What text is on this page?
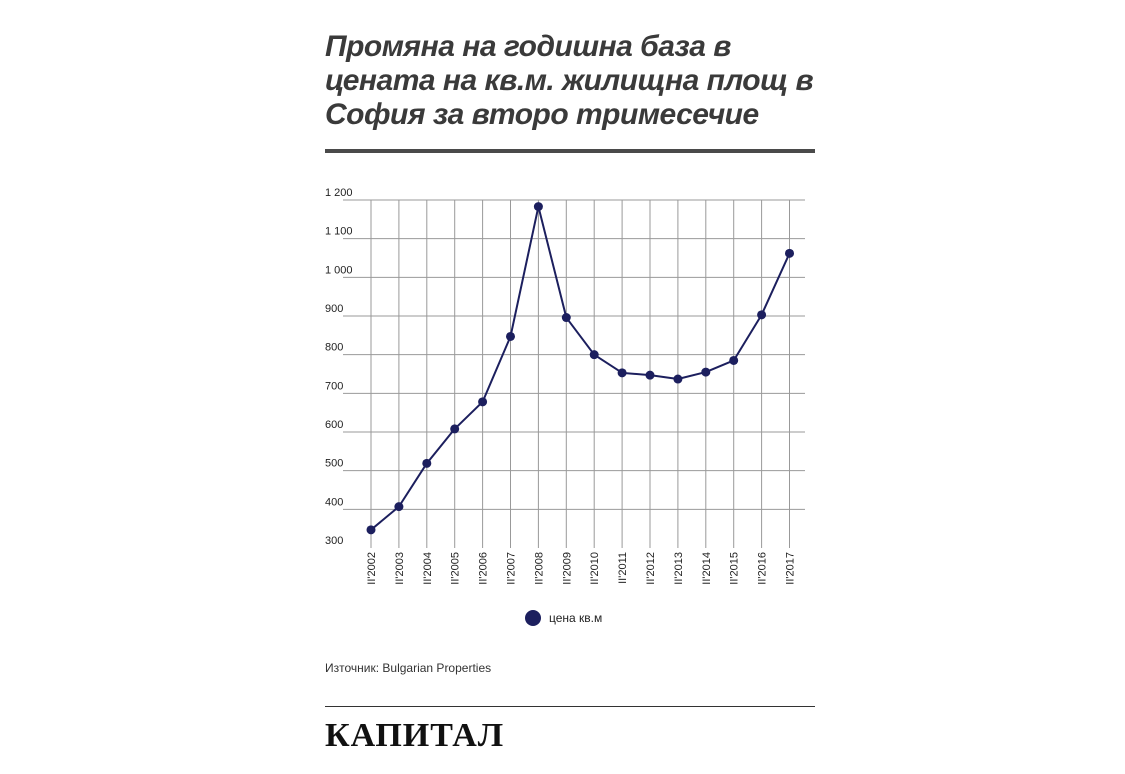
Промяна на годишна база в цената на кв.м. жилищна площ в София за второ тримесечие
300
400
500
600
700
800
900
1 000
1 100
1 200
II'2002 II'2003 II'2004 II'2005 II'2006 II'2007 II'2008 II'2009 II'2010 II'2011 II'2012 II'2013 II'2014 II'2015 II'2016 II'2017
цена кв.м
Източник: Bulgarian Properties
КАПИТАЛ
